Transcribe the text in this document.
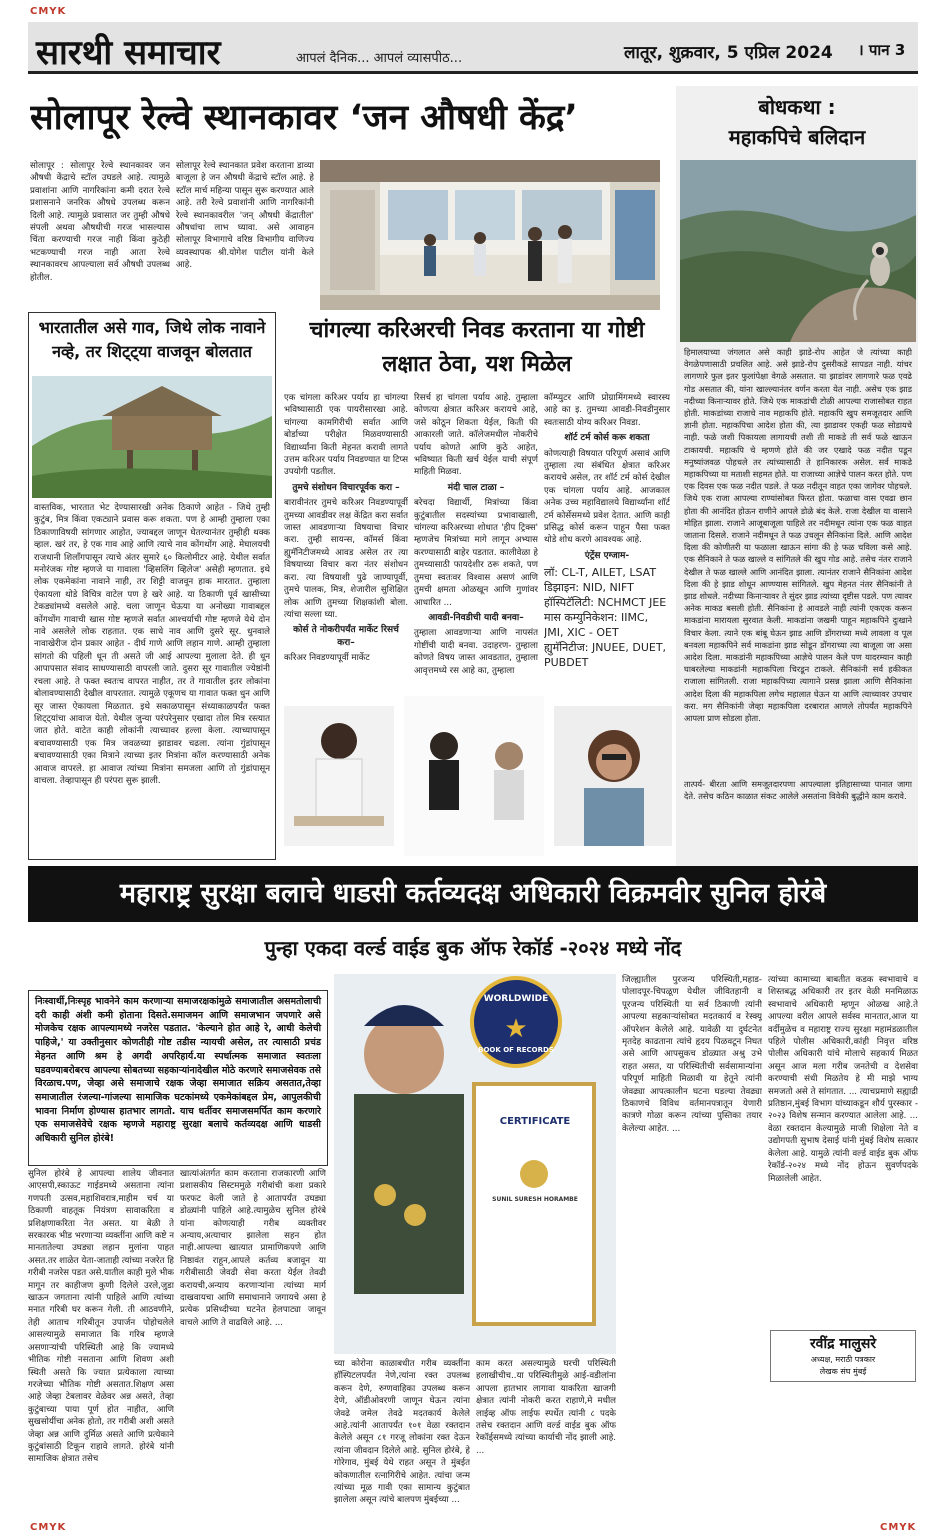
CMYK
CMYK	CMYK
सारथी समाचार	आपलं दैनिक... आपलं व्यासपीठ...	लातूर, शुक्रवार, 5 एप्रिल 2024 । पान 3
सोलापूर रेल्वे स्थानकावर ‘जन औषधी केंद्र’
सोलापूर : सोलापूर रेल्वे स्थानकावर जन औषधी केंद्राचे स्टॉल उघडले आहे. त्यामुळे प्रवाशांना आणि नागरिकांना कमी दरात रेल्वे प्रशासनाने जनरिक औषधे उपलब्ध करून दिली आहे. त्यामुळे प्रवासात जर तुम्ही औषधे संपली अथवा औषधीची गरज भासल्यास चिंता करण्याची गरज नाही किंवा कुठेही भटकण्याची गरज नाही आता रेल्वे स्थानकावरच आपल्याला सर्व औषधी उपलब्ध होतील.
सोलापूर रेल्वे स्थानकात प्रवेश करताना डाव्या बाजूला हे जन औषधी केंद्राचे स्टॉल आहे. हे स्टॉल मार्च महिन्या पासून सुरू करण्यात आले आहे. तरी रेल्वे प्रवाशांनी आणि नागरिकांनी रेल्वे स्थानकावरील 'जन् औषधी केंद्रातील' औषधांचा लाभ घ्यावा. असे आवाहन सोलापूर विभागाचे वरिष्ठ विभागीय वाणिज्य व्यवस्थापक श्री.योगेश पाटील यांनी केले आहे.
बोधकथा :
महाकपिचे बलिदान
हिमालयाच्या जंगलात असे काही झाडे-रोप आहेत जे त्यांच्या काही वेगळेपणासाठी प्रचलित आहे. असे झाडे-रोप दुसरीकडे सापडत नाही. यांचर लागणारे फुल इतर फुलांपेक्षा वेगळे असतात. या झाडांवर लागणारे फळ एवढे गोड असतात की, यांना खाल्ल्यानंतर वर्णन करता येत नाही. असेच एक झाड नदीच्या किनाऱ्यावर होते. जिथे एक माकडांची टोळी आपल्या राजासोबत राहत होती. माकडांच्या राजाचे नाव महाकपि होते. महाकपि खुप समजूतदार आणि ज्ञानी होता. महाकपिचा आदेश होता की, त्या झाडावर एकही फळ सोडायचे नाही. फळे जशी पिकायला लागायची तशी ती माकडे ती सर्व फळे खाऊन टाकायची. महाकपि चे म्हणणे होते की जर एखादे फळ नदीत पडून मनुष्यांजवळ पोहचले तर त्यांच्यासाठी ते हानिकारक असेल. सर्व माकडे महाकपिच्या या मताशी सहमत होते. या राजाच्या आज्ञेचे पालन करत होते. पण एक दिवस एक फळ नदीत पडले. ते फळ नदीतून वाहत एका जागेवर पोहचले. जिथे एक राजा आपल्या राण्यांसोबत फिरत होता. फळाचा वास एवढा छान होता की आनंदित होऊन राणीने आपले डोळे बंद केले. राजा देखील या वासाने मोहित झाला. राजाने आजूबाजूला पाहिले तर नदीमधून त्यांना एक फळ वाहत जाताना दिसले. राजाने नदीमधून ते फळ उचलून सैनिकांना दिले. आणि आदेश दिला की कोणीतरी या फळाला खाऊन सांगा की हे फळ चविला कसे आहे. एक सैनिकाने ते फळ खाल्ले व सांगितले की खुप गोड आहे. तसेच नंतर राजाने देखील ते फळ खाल्ले आणि आनंदित झाला. त्यानंतर राजाने सैनिकांना आदेश दिला की हे झाड शोधून आण्ण्यास सांगितले. खुप मेहनत नंतर सैनिकांनी ते झाड शोधले. नदीच्या किनाऱ्यावर ते सुंदर झाड त्यांच्या दृष्टीस पडले. पण त्यावर अनेक माकड बसली होती. सैनिकांना हे आवडले नाही त्यांनी एकएक करून माकडांना मारायला सुरवात केली. माकडांना जखमी पाहून महाकपिने दुःखाने विचार केला. त्याने एक बांबू घेऊन झाड आणि डोंगराच्या मध्ये लावला व पूल बनवला महाकपिने सर्व माकडांना झाड सोडून डोंगराच्या त्या बाजूला जा असा आदेश दिला. माकडांनी महाकपिच्या आज्ञेचे पालन केले पण यादरम्यान काही घाबरलेल्या माकडांनी महाकपिला चिरडून टाकले. सैनिकांनी सर्व हकीकत राजाला सांगितली. राजा महाकपिच्या त्यागाने प्रसन्न झाला आणि सैनिकांना आदेश दिला की महाकपिला लगेच महालात घेऊन या आणि त्याच्यावर उपचार करा. मग सैनिकांनी जेव्हा महाकपिला दरबारात आणले तोपर्यंत महाकपिने आपला प्राण सोडला होता.
तात्पर्य- बीरता आणि समजूतदारपणा आपल्याला इतिहासाच्या पानात जागा देते. तसेच कठिन काळात संकट आलेले असतांना विवेकी बुद्धीने काम करावे.
भारतातील असे गाव, जिथे लोक नावाने नव्हे, तर शिट्ट्या वाजवून बोलतात
वास्तविक, भारतात भेट देण्यासारखी अनेक ठिकाणे आहेत - जिथे तुम्ही कुटुंब, मित्र किंवा एकट्याने प्रवास करू शकता. पण हे आम्ही तुम्हाला एका ठिकाणाविषयी सांगणार आहोत, ज्याबद्दल जाणून घेतल्यानंतर तुम्हीही थक्क व्हाल. खरं तर, हे एक गाव आहे आणि त्याचे नाव कोंगथोंग आहे. मेघालयची राजधानी शिलाँगपासून त्याचे अंतर सुमारे ६० किलोमीटर आहे. येथील सर्वात मनोरंजक गोष्ट म्हणजे या गावाला 'व्हिसलिंग व्हिलेज' असेही म्हणतात. इथे लोक एकमेकांना नावाने नाही, तर शिट्टी वाजवून हाक मारतात. तुम्हाला ऐकायला थोडे विचित्र वाटेल पण हे खरे आहे. या ठिकाणी पूर्व खासीच्या टेकड्यांमध्ये वसलेले आहे. चला जाणून घेऊया या अनोख्या गावाबद्दल कोंगथोंग गावाची खास गोष्ट म्हणजे सर्वात आश्चर्याची गोष्ट म्हणजे येथे दोन नावे असलेले लोक राहतात. एक साधे नाव आणि दुसरे सूर. धुनवाले नावाखेरीज दोन प्रकार आहेत - दीर्घ गाणे आणि लहान गाणे. आम्ही तुम्हाला सांगतो की पहिली धून ती असते जी आई आपल्या मुलाला देते. ही धून आपापसात संवाद साधण्यासाठी वापरली जाते. दुसरा सूर गावातील ज्येष्ठांनी रचला आहे. ते फक्त स्वतःच वापरत नाहीत, तर ते गावातील इतर लोकांना बोलावण्यासाठी देखील वापरतात. त्यामुळे एकूणच या गावात फक्त धुन आणि सूर जास्त ऐकायला मिळतात. इथे सकाळपासून संध्याकाळपर्यंत फक्त शिट्ट्यांचा आवाज येतो. येथील जुन्या परंपरेनुसार एखादा तोल मित्र रस्त्यात जात होते. वाटेत काही लोकांनी त्याच्यावर हल्ला केला. त्याच्यापासून बचावण्यासाठी एक मित्र जवळच्या झाडावर चढला. त्यांना गुंडांपासून बचावण्यासाठी एका मित्राने त्याच्या इतर मित्रांना कॉल करण्यासाठी अनेक आवाज वापरले. हा आवाज त्यांच्या मित्रांना समजला आणि तो गुंडांपासून वाचला. तेव्हापासून ही परंपरा सुरू झाली.
चांगल्या करिअरची निवड करताना या गोष्टी लक्षात ठेवा, यश मिळेल
एक चांगला करिअर पर्याय हा चांगल्या भविष्यासाठी एक पायरीसारखा आहे. चांगल्या कामगिरीची सर्वात आणि बोर्डाच्या परीक्षेत मिळवण्यासाठी विद्यार्थ्यांना किती मेहनत करावी लागते उत्तम करिअर पर्याय निवडण्यात या टिप्स उपयोगी पडतील.
तुमचे संशोधन विचारपूर्वक करा –
बारावीनंतर तुमचे करिअर निवडण्यापूर्वी तुमच्या आवडीवर लक्ष केंद्रित करा सर्वात जास्त आवडणाऱ्या विषयाचा विचार करा. तुम्ही सायन्स, कॉमर्स किंवा ह्युमॅनिटीजमध्ये आवड असेल तर त्या विषयाच्या विचार करा नंतर संशोधन करा. त्या विषयाशी पुढे जाण्यापूर्वी, तुमचे पालक, मित्र, शेजारील सुशिक्षित लोक आणि तुमच्या शिक्षकांशी बोला. त्यांचा सल्ला घ्या.
कोर्स ते नोकरीपर्यंत मार्केट रिसर्च करा–
करिअर निवडण्यापूर्वी मार्केट
रिसर्च हा चांगला पर्याय आहे. तुम्हाला कोणत्या क्षेत्रात करिअर करायचे आहे, जसे कोठून शिकता येईल, किती फी आकारली जाते. कॉलेजमधील नोकरीचे पर्याय कोणते आणि कुठे आहेत, भविष्यात किती खर्च येईल याची संपूर्ण माहिती मिळवा.
मंदी चाल टाळा –
बरेचदा विद्यार्थी, मित्रांच्या किंवा कुटुंबातील सदस्यांच्या प्रभावाखाली, चांगल्या करिअरच्या शोधात 'हीप ट्रिक्स' म्हणजेच मित्रांच्या मागे लागून अभ्यास करण्यासाठी बाहेर पडतात. कालीवेळा हे तुमच्यासाठी फायदेशीर ठरू शकते, पण तुमचा स्वतःवर विश्वास असणं आणि तुमची क्षमता ओळखून आणि गुणांवर आधारित ...
आवडी-निवडीची यादी बनवा–
तुम्हाला आवडणाऱ्या आणि नापसंत गोष्टींची यादी बनवा. उदाहरण- तुम्हाला कोणते विषय जास्त आवडतात, तुम्हाला आवृत्तमध्ये रस आहे का, तुम्हाला
कॉम्प्युटर आणि प्रोग्रामिंगमध्ये स्वारस्य आहे का इ. तुमच्या आवडी-निवडीनुसार स्वतःसाठी योग्य करिअर निवडा.
शॉर्ट टर्म कोर्स करू शकता
कोणत्याही विषयात परिपूर्ण असावं आणि तुम्हाला त्या संबंधित क्षेत्रात करिअर करायचे असेल, तर शॉर्ट टर्म कोर्स देखील एक चांगला पर्याय आहे. आजकाल अनेक उच्च महाविद्यालये विद्यार्थ्यांना शॉर्ट टर्म कोर्सेसमध्ये प्रवेश देतात. आणि काही प्रसिद्ध कोर्स करून पाहून पैसा फक्त थोडे शोध करणे आवश्यक आहे.
एंट्रेंस एग्जाम-
लॉ: CL-T, AILET, LSAT
डिझाइन: NID, NIFT
हॉस्पिटॅलिटी: NCHMCT JEE
मास कम्युनिकेशन: IIMC, JMI, XIC - OET
ह्युमॅनिटीज: JNUEE, DUET, PUBDET
महाराष्ट्र सुरक्षा बलाचे धाडसी कर्तव्यदक्ष अधिकारी विक्रमवीर सुनिल होरंबे
पुन्हा एकदा वर्ल्ड वाईड बुक ऑफ रेकॉर्ड -२०२४ मध्ये नोंद
निःस्वार्थी,निःस्पृह भावनेने काम करणाऱ्या समाजरक्षकांमुळे समाजातील असमतोलाची दरी काही अंशी कमी होताना दिसते.समाजमन आणि समाजभान जपणारे असे मोजकेच रक्षक आपल्यामध्ये नजरेस पडतात. 'केल्याने होत आहे रे, आधी केलेची पाहिजे,' या उक्तीनुसार कोणतीही गोष्ट तडीस न्यायची असेल, तर त्यासाठी प्रचंड मेहनत आणि श्रम हे अगदी अपरिहार्य.या स्पर्धात्मक समाजात स्वतःला घडवण्याबरोबरच आपल्या सोबतच्या सहकाऱ्यांनादेखील मोठे करणारे समाजसेवक तसे विरळाच.पण, जेव्हा असे समाजाचे रक्षक जेव्हा समाजात सक्रिय असतात,तेव्हा समाजातील रंजल्या-गांजल्या सामाजिक घटकांमध्ये एकमेकांबद्दल प्रेम, आपुलकीची भावना निर्माण होण्यास हातभार लागतो. याच धर्तीवर समाजसमर्पित काम करणारे एक समाजसेवेचे रक्षक म्हणजे महाराष्ट्र सुरक्षा बलाचे कर्तव्यदक्ष आणि धाडसी अधिकारी सुनिल होरंबे!
WORLDWIDE
★
BOOK OF RECORDS
CERTIFICATE
SUNIL SURESH HORAMBE
सुनिल होरंबे हे आपल्या शालेय जीवनात आएसपी,स्काऊट गाईडमध्ये असताना त्यांना गणपती उत्सव,महाशिवरात्र,माहीम चर्च या ठिकाणी वाहतूक नियंत्रण सावाकरिता व प्रशिक्षणाकरिता नेत असत. या बेळी ते सरकारक भीड भरणाऱ्या व्यक्तींना आणि कष्टे न मानतातेल्या उघड्या लहान मुलांना पाहत असत.तर शाळेत येता-जाताही त्यांच्या नजरेत हि गरीबी नजरेस पडत असे.यातील काही मुले भीक मागून तर काहीजण कुणी दिलेले उरले,जुडा खाऊन जगताना त्यांनी पाहिले आणि त्यांच्या मनात गरिबी घर करून गेली. ती आठवणीने, तेही आताच गरिबीतून उपार्जन पोहोचलेले आसल्यामुळे समाजात कि गरिब म्हणजे असणाऱ्यांची परिस्थिती आहे कि ज्यामध्ये भीतिक गोष्टी नसताना आणि शिवण अशी स्थिती असते कि ज्यात प्रत्येकाला त्याच्या गरजेच्या भौतिक गोष्टी असतात.शिक्षण असा आहे जेव्हा टेबलावर वेळेवर अन्न असते, तेव्हा कुटुंबाच्या पाया पूर्ण होत नाहीत, आणि सुखसोयींचा अनेक होतो, तर गरीबी अशी असते जेव्हा अन्न आणि दुर्मिळ असते आणि प्रत्येकाने कुटुंबांसाठी टिकून राहावे लागते. होरंबे यांनी सामाजिक क्षेत्रात तसेच
खात्यांअंतर्गत काम करताना राजकारणी आणि प्रशासकीय सिस्टममुळे गरीबांची कशा प्रकारे फरफट केली जाते हे आतापर्यंत उघड्या डोळ्यांनी पाहिले आहे.त्यामुळेच सुनिल होरंबे यांना कोणत्याही गरीब व्यक्तीवर अन्याय,अत्याचार झालेला सहन होत नाही.आपल्या खात्यात प्रामाणिकपणे आणि निष्ठावंत राहून,आपले कर्तव्य बजावून या गरीबीसाठी जेवढी सेवा करता येईल तेवढी करायची,अन्याय करणाऱ्यांना त्यांच्या मार्ग दाखवायचा आणि समाधानाने जगायचे असा हे प्रत्येक प्रसिध्दीच्या घटनेत हेलपाट्या जावून वाचले आणि ते वाढविले आहे. ...
च्या कोरोना काळाबधीत गरीब व्यक्तींना हॉस्पिटलपर्यंत नेणे,त्यांना रक्त उपलब्ध करून देणे, रुग्णवाहिका उपलब्ध करून देणे, ऑडीओवरणी जाणून घेऊन त्यांना जेवढे जमेल तेवढे मदतकार्य केलेले आहे.त्यांनी आतापर्यंत १०१ वेळा रक्तदान केलेले असून ८१ गरजू लोकांना रक्त देऊन त्यांना जीवदान दिलेले आहे. सुनिल होरंबे, हे गोरेगाव, मुंबई येथे राहत असून ते मुंबईत कोकणातील रत्नागिरीचे आहेत. त्यांचा जन्म त्यांच्या मूळ गावी एका सामान्य कुटुंबात झालेला असून त्यांचे बालपण मुंबईच्या ...
काम करत असल्यामुळे घरची परिस्थिती हलाखीचीच..या परिस्थितीमुळे आई-वडीलांना आपला हातभार लागावा याकरिता खाजगी क्षेत्रात त्यांनी नोकरी करत राहाणे,मे मधील लाईव्ह ऑफ लाईफ स्पर्धेत त्यांनी ८ पदके तसेच रक्तदान आणि वर्ल्ड वाईड बुक ऑफ रेकॉर्ड्समध्ये त्यांच्या कार्याची नोंद झाली आहे. ...
जिल्ह्यातील पुरजन्य परिस्थिती,महाड-पोलादपूर-चिपळूण येथील जीवितहानी व पूरजन्य परिस्थिती या सर्व ठिकाणी त्यांनी आपल्या सहकाऱ्यांसोबत मदतकार्य व रेस्क्यू ऑपरेशन केलेले आहे. यावेळी या दुर्घटनेत मृतदेह काढताना त्यांचे हृदय पिळवटून निघत असे आणि आपसुकच डोळ्यात अश्रु उभे राहत असत, या परिस्थितीची सर्वसामान्यांना परिपूर्ण माहिती मिळावी या हेतूने त्यांनी जेवढ्या आपत्कालीन घटना घडल्या तेवढ्या ठिकाणचे विविध वर्तमानपत्रातून येणारी कात्रणे गोळा करून त्यांच्या पुस्तिका तयार केलेल्या आहेत. ...
त्यांच्या कामाच्या बाबतीत कडक स्वभावाचे व शिस्तबद्ध अधिकारी तर इतर वेळी मनमिळाऊ स्वभावाचे अधिकारी म्हणून ओळख आहे.ते आपल्या वरील आपले सर्वस्व मानतात,आज या वर्दीमुळेच व महाराष्ट्र राज्य सुरक्षा महामंडळातील पहिले पोलीस अधिकारी,कांही निवृत्त वरिष्ठ पोलीस अधिकारी यांचे मोलाचे सहकार्य मिळत असून आज मला गरीब जनतेची व देशसेवा करण्याची संधी मिळतेय हे मी माझे भाग्य समजतो असे ते सांगतात. ... त्याचप्रमाणे सह्याद्री प्रतिष्ठान,मुंबई विभाग यांच्याकडून शौर्य पुरस्कार - २०२३ विशेष सन्मान करण्यात आलेला आहे. ... वेळा रक्तदान केल्यामुळे माजी शिक्षेला नेते व उद्योगपती सुभाष देसाई यांनी मुंबई विशेष सत्कार केलेला आहे. यामुळे त्यांनी वर्ल्ड वाईड बुक ऑफ रेकॉर्ड-२०२४ मध्ये नोंद होऊन सुवर्णपदके मिळालेली आहेत.
रवींद्र मालुसरे
अध्यक्ष, मराठी पत्रकार
लेखक संघ मुंबई
